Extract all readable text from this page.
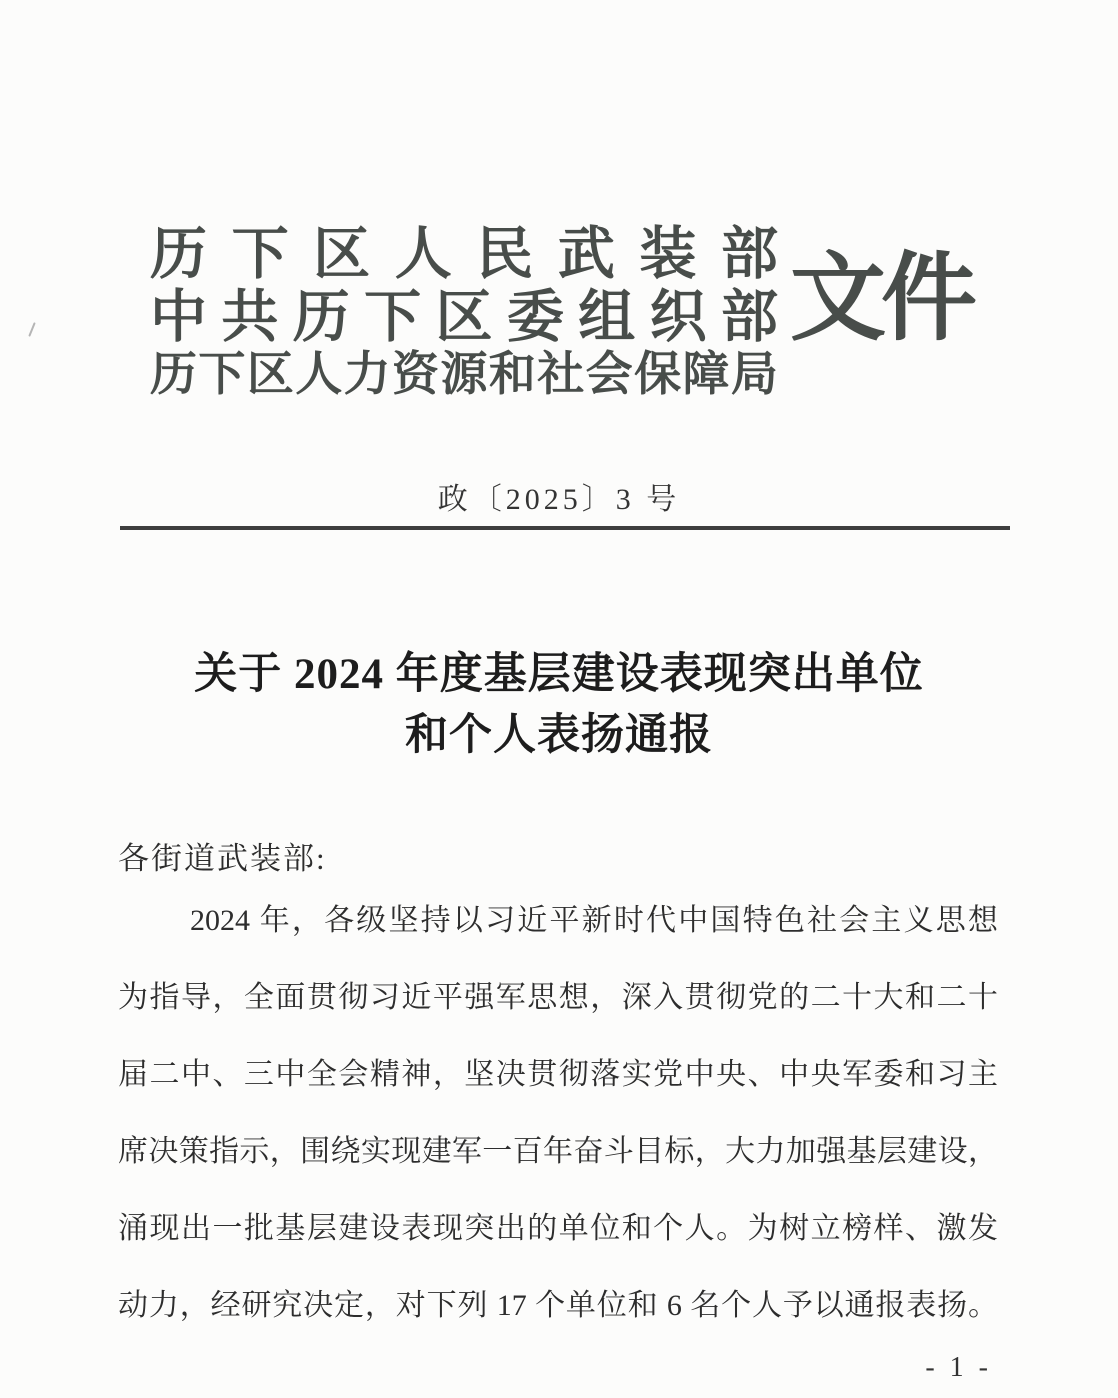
历 下 区 人 民 武 装 部
中 共 历 下 区 委 组 织 部
历 下 区 人 力 资 源 和 社 会 保 障 局
文件
政〔2025〕3 号
关于 2024 年度基层建设表现突出单位
和个人表扬通报
各街道武装部:
2024 年，各级坚持以习近平新时代中国特色社会主义思想
为指导，全面贯彻习近平强军思想，深入贯彻党的二十大和二十
届二中、三中全会精神，坚决贯彻落实党中央、中央军委和习主
席决策指示，围绕实现建军一百年奋斗目标，大力加强基层建设，
涌现出一批基层建设表现突出的单位和个人。为树立榜样、激发
动力，经研究决定，对下列 17 个单位和 6 名个人予以通报表扬。
- 1 -
